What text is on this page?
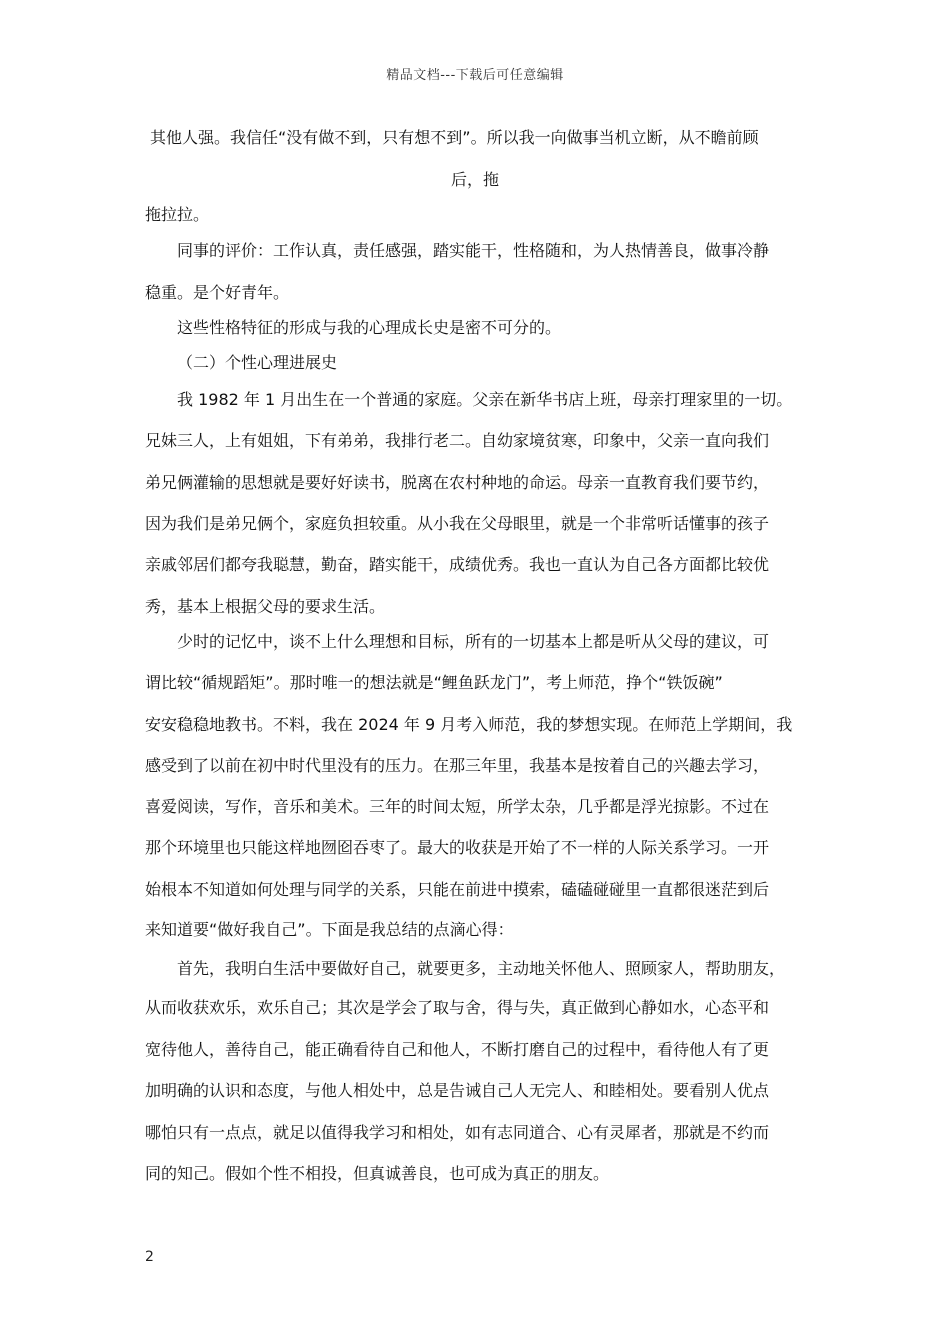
精品文档---下载后可任意编辑
其他人强。我信任“没有做不到，只有想不到”。所以我一向做事当机立断，从不瞻前顾
后，拖
拖拉拉。
同事的评价：工作认真，责任感强，踏实能干，性格随和，为人热情善良，做事冷静
稳重。是个好青年。
这些性格特征的形成与我的心理成长史是密不可分的。
（二）个性心理进展史
我 1982 年 1 月出生在一个普通的家庭。父亲在新华书店上班，母亲打理家里的一切。
兄妹三人，上有姐姐，下有弟弟，我排行老二。自幼家境贫寒，印象中，父亲一直向我们
弟兄俩灌输的思想就是要好好读书，脱离在农村种地的命运。母亲一直教育我们要节约，
因为我们是弟兄俩个，家庭负担较重。从小我在父母眼里，就是一个非常听话懂事的孩子
亲戚邻居们都夸我聪慧，勤奋，踏实能干，成绩优秀。我也一直认为自己各方面都比较优
秀，基本上根据父母的要求生活。
少时的记忆中，谈不上什么理想和目标，所有的一切基本上都是听从父母的建议，可
谓比较“循规蹈矩”。那时唯一的想法就是“鲤鱼跃龙门”，考上师范，挣个“铁饭碗”
安安稳稳地教书。不料，我在 2024 年 9 月考入师范，我的梦想实现。在师范上学期间，我
感受到了以前在初中时代里没有的压力。在那三年里，我基本是按着自己的兴趣去学习，
喜爱阅读，写作，音乐和美术。三年的时间太短，所学太杂，几乎都是浮光掠影。不过在
那个环境里也只能这样地囫囵吞枣了。最大的收获是开始了不一样的人际关系学习。一开
始根本不知道如何处理与同学的关系，只能在前进中摸索，磕磕碰碰里一直都很迷茫到后
来知道要“做好我自己”。下面是我总结的点滴心得：
首先，我明白生活中要做好自己，就要更多，主动地关怀他人、照顾家人，帮助朋友，
从而收获欢乐，欢乐自己；其次是学会了取与舍，得与失，真正做到心静如水，心态平和
宽待他人，善待自己，能正确看待自己和他人，不断打磨自己的过程中，看待他人有了更
加明确的认识和态度，与他人相处中，总是告诫自己人无完人、和睦相处。要看别人优点
哪怕只有一点点，就足以值得我学习和相处，如有志同道合、心有灵犀者，那就是不约而
同的知己。假如个性不相投，但真诚善良，也可成为真正的朋友。
2
